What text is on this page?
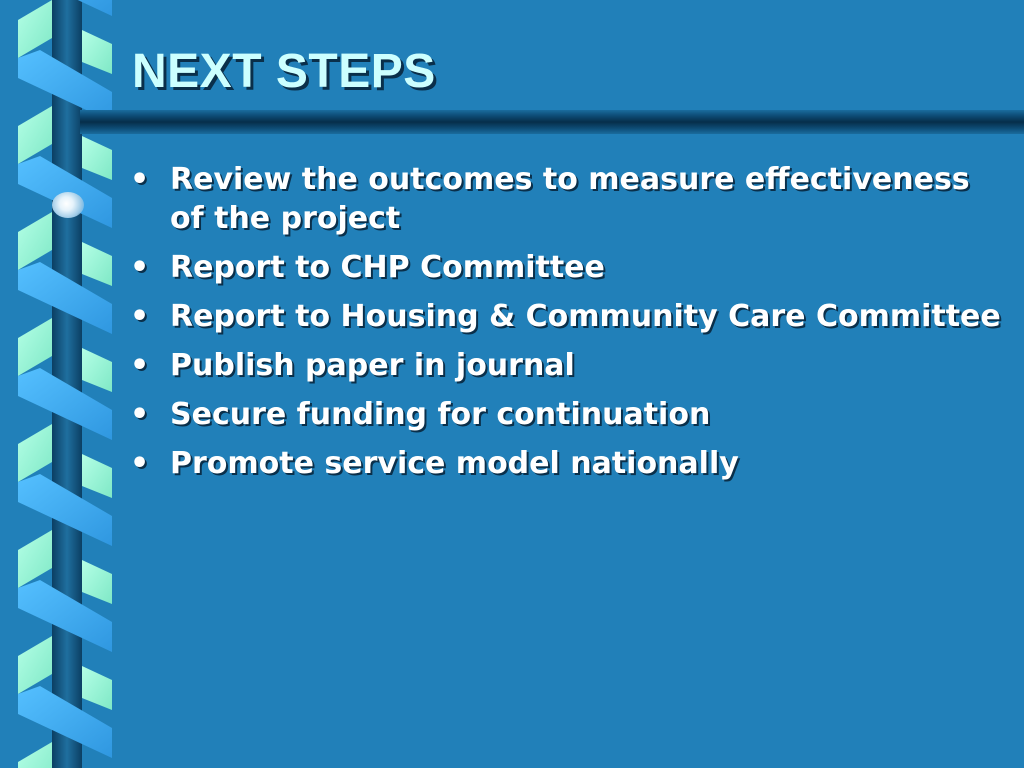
NEXT STEPS
• Review the outcomes to measure effectiveness of the project
• Report to CHP Committee
• Report to Housing & Community Care Committee
• Publish paper in journal
• Secure funding for continuation
• Promote service model nationally
